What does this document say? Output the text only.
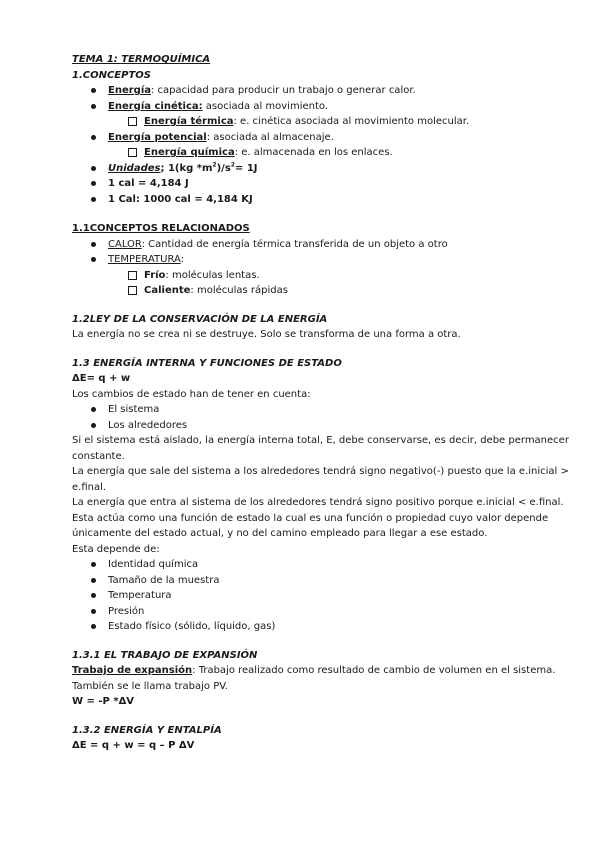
TEMA 1: TERMOQUÍMICA
1.CONCEPTOS
Energía: capacidad para producir un trabajo o generar calor.
Energía cinética: asociada al movimiento.
Energía térmica: e. cinética asociada al movimiento molecular.
Energía potencial: asociada al almacenaje.
Energía química: e. almacenada en los enlaces.
Unidades; 1(kg $*m^2)/s^2= 1J$
1 cal = 4,184 J
1 Cal: 1000 cal = 4,184 KJ
1.1CONCEPTOS RELACIONADOS
CALOR: Cantidad de energía térmica transferida de un objeto a otro
TEMPERATURA:
Frío: moléculas lentas.
Caliente: moléculas rápidas
1.2LEY DE LA CONSERVACIÓN DE LA ENERGÍA
La energía no se crea ni se destruye. Solo se transforma de una forma a otra.
1.3 ENERGÍA INTERNA Y FUNCIONES DE ESTADO
ΔE= q + w
Los cambios de estado han de tener en cuenta:
El sistema
Los alrededores
Si el sistema está aislado, la energía interna total, E, debe conservarse, es decir, debe permanecer
constante.
La energía que sale del sistema a los alrededores tendrá signo negativo(-) puesto que la e.inicial >
e.final.
La energía que entra al sistema de los alrededores tendrá signo positivo porque e.inicial < e.final.
Esta actúa como una función de estado la cual es una función o propiedad cuyo valor depende
únicamente del estado actual, y no del camino empleado para llegar a ese estado.
Esta depende de:
Identidad química
Tamaño de la muestra
Temperatura
Presión
Estado físico (sólido, líquido, gas)
1.3.1 EL TRABAJO DE EXPANSIÓN
Trabajo de expansión: Trabajo realizado como resultado de cambio de volumen en el sistema.
También se le llama trabajo PV.
W = -P *ΔV
1.3.2 ENERGÍA Y ENTALPÍA
ΔE = q + w = q – P ΔV
